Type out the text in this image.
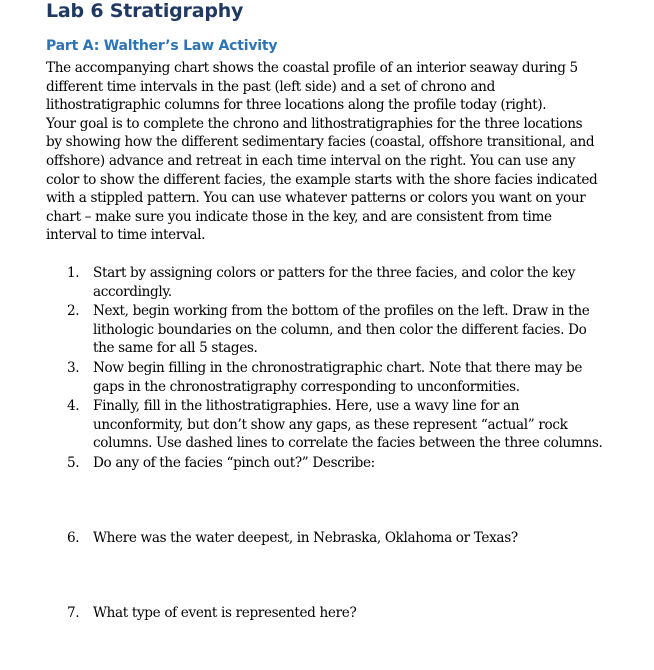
Lab 6 Stratigraphy
Part A: Walther’s Law Activity

The accompanying chart shows the coastal profile of an interior seaway during 5
different time intervals in the past (left side) and a set of chrono and
lithostratigraphic columns for three locations along the profile today (right).
Your goal is to complete the chrono and lithostratigraphies for the three locations
by showing how the different sedimentary facies (coastal, offshore transitional, and
offshore) advance and retreat in each time interval on the right. You can use any
color to show the different facies, the example starts with the shore facies indicated
with a stippled pattern. You can use whatever patterns or colors you want on your
chart – make sure you indicate those in the key, and are consistent from time
interval to time interval.

1.	Start by assigning colors or patters for the three facies, and color the key
accordingly.
2.	Next, begin working from the bottom of the profiles on the left. Draw in the
lithologic boundaries on the column, and then color the different facies. Do
the same for all 5 stages.
3.	Now begin filling in the chronostratigraphic chart. Note that there may be
gaps in the chronostratigraphy corresponding to unconformities.
4.	Finally, fill in the lithostratigraphies. Here, use a wavy line for an
unconformity, but don’t show any gaps, as these represent “actual” rock
columns. Use dashed lines to correlate the facies between the three columns.
5.	Do any of the facies “pinch out?” Describe:
6.	Where was the water deepest, in Nebraska, Oklahoma or Texas?
7.	What type of event is represented here?
